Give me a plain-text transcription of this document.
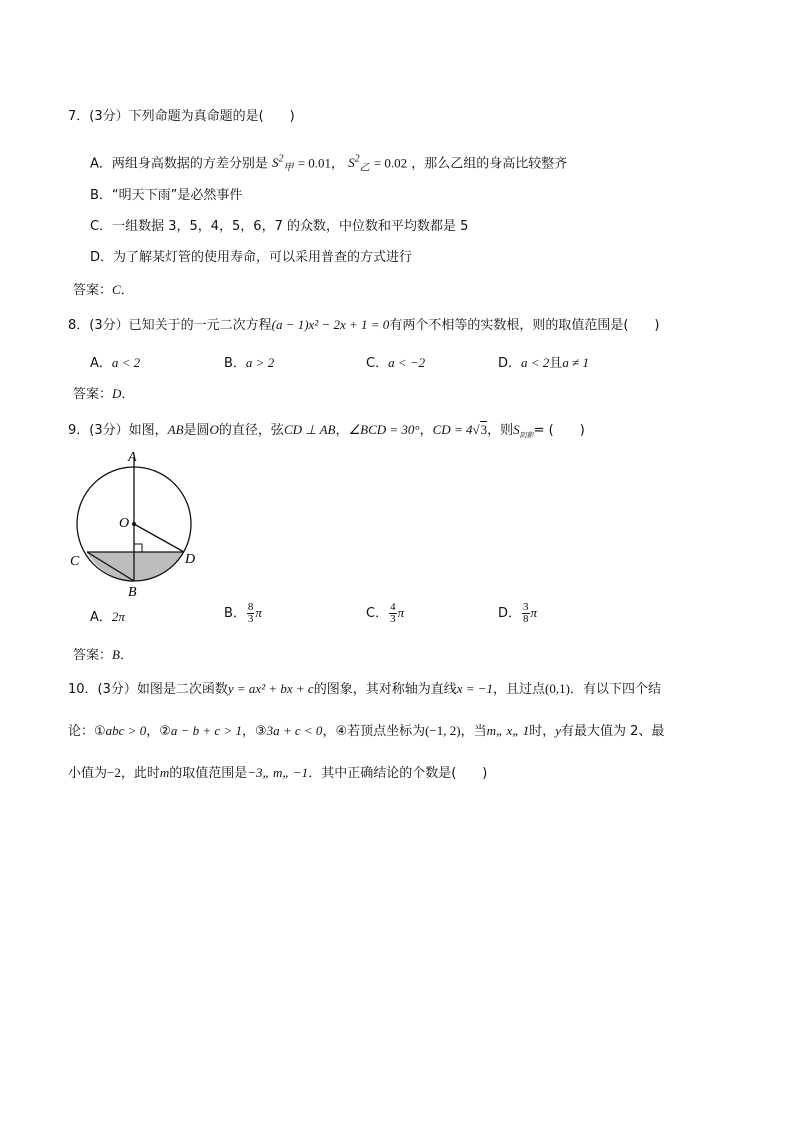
7．(3分）下列命题为真命题的是(　　)
A．两组身高数据的方差分别是 $S^2_甲 = 0.01$， $S^2_乙 = 0.02$ ，那么乙组的身高比较整齐
B．“明天下雨”是必然事件
C．一组数据 3，5，4，5，6，7 的众数，中位数和平均数都是 5
D．为了解某灯管的使用寿命，可以采用普查的方式进行
答案：C．
8．(3分）已知关于的一元二次方程(a − 1)x² − 2x + 1 = 0有两个不相等的实数根，则的取值范围是(　　)
A．a < 2	B．a > 2	C．a < −2	D．a < 2且a ≠ 1
答案：D．
9．(3分）如图，AB是圆O的直径，弦CD ⊥ AB，∠BCD = 30°，CD = 4√3，则$S_{阴影}=$ (　　)
A
O
C	D
B
A．2π	B． $\frac{8}{3}$ π	C． $\frac{4}{3}$ π	D． $\frac{3}{8}$ π
答案：B．
10．(3分）如图是二次函数y = ax² + bx + c的图象，其对称轴为直线x = −1，且过点(0,1)．有以下四个结
论：①abc > 0，②a − b + c > 1，③3a + c < 0，④若顶点坐标为(−1, 2)，当m„ x„ 1时，y有最大值为 2、最
小值为−2，此时m的取值范围是−3„ m„ −1．其中正确结论的个数是(　　)
